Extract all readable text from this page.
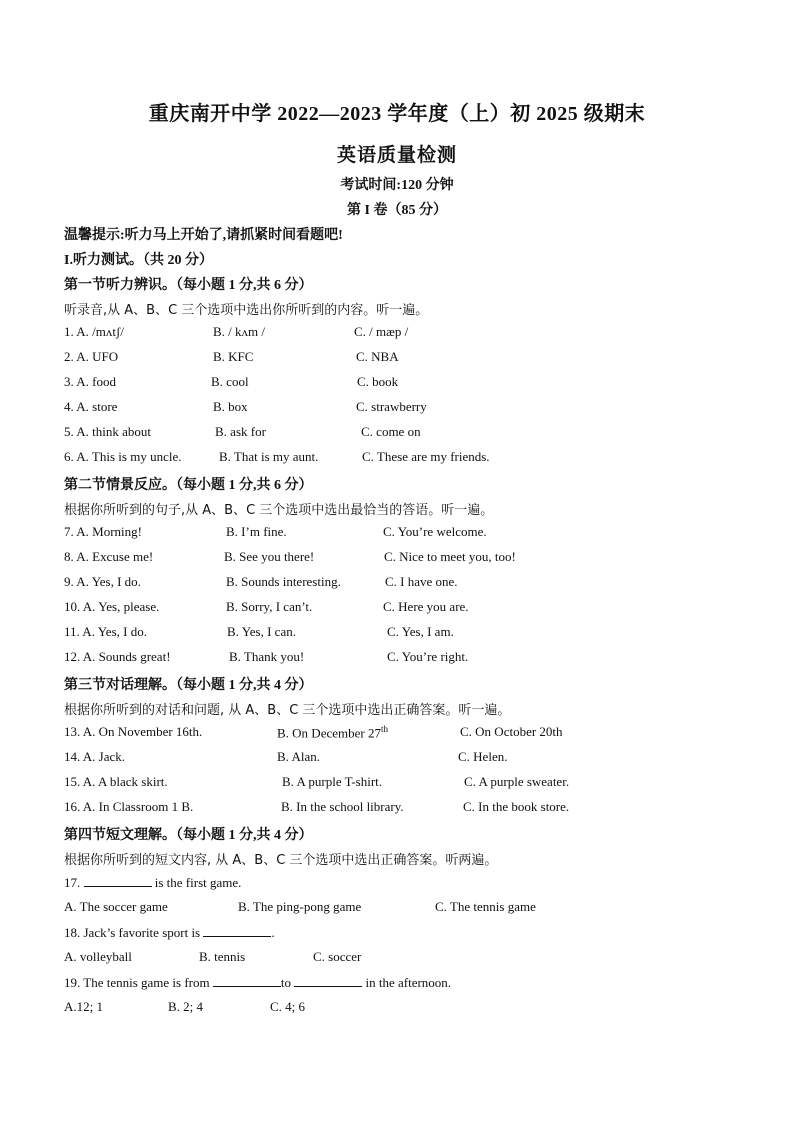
重庆南开中学 2022—2023 学年度（上）初 2025 级期末
英语质量检测
考试时间:120 分钟
第 I 卷（85 分）
温馨提示:听力马上开始了,请抓紧时间看题吧!
I.听力测试。（共 20 分）
第一节听力辨识。（每小题 1 分,共 6 分）
听录音,从 A、B、C 三个选项中选出你所听到的内容。听一遍。
1. A. /mʌtʃ/	B. / kʌm /	C. / mæp /
2. A. UFO	B. KFC	C. NBA
3. A. food	B. cool	C. book
4. A. store	B. box	C. strawberry
5. A. think about	B. ask for	C. come on
6. A. This is my uncle.	B. That is my aunt.	C. These are my friends.
第二节情景反应。（每小题 1 分,共 6 分）
根据你所听到的句子,从 A、B、C 三个选项中选出最恰当的答语。听一遍。
7. A. Morning!	B. I’m fine.	C. You’re welcome.
8. A. Excuse me!	B. See you there!	C. Nice to meet you, too!
9. A. Yes, I do.	B. Sounds interesting.	C. I have one.
10. A. Yes, please.	B. Sorry, I can’t.	C. Here you are.
11. A. Yes, I do.	B. Yes, I can.	C. Yes, I am.
12. A. Sounds great!	B. Thank you!	C. You’re right.
第三节对话理解。（每小题 1 分,共 4 分）
根据你所听到的对话和问题, 从 A、B、C 三个选项中选出正确答案。听一遍。
13. A. On November 16th.	B. On December 27th	C. On October 20th
14. A. Jack.	B. Alan.	C. Helen.
15. A. A black skirt.	B. A purple T-shirt.	C. A purple sweater.
16. A. In Classroom 1 B.	B. In the school library.	C. In the book store.
第四节短文理解。（每小题 1 分,共 4 分）
根据你所听到的短文内容, 从 A、B、C 三个选项中选出正确答案。听两遍。
17.	is the first game.
A. The soccer game	B. The ping-pong game	C. The tennis game
18. Jack’s favorite sport is	.
A. volleyball	B. tennis	C. soccer
19. The tennis game is from	to	in the afternoon.
A.12; 1	B. 2; 4	C. 4; 6
